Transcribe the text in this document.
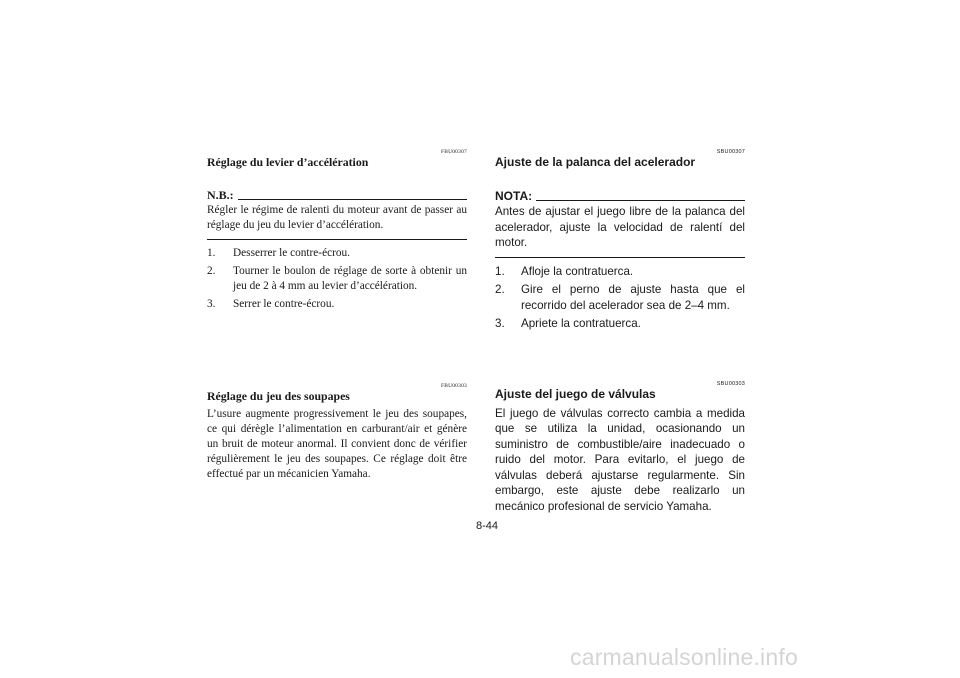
FBU00307
Réglage du levier d’accélération
N.B.:
Régler le régime de ralenti du moteur avant de passer au réglage du jeu du levier d’accélération.
1.	Desserrer le contre-écrou.
2.	Tourner le boulon de réglage de sorte à obtenir un jeu de 2 à 4 mm au levier d’accélération.
3.	Serrer le contre-écrou.
FBU00303
Réglage du jeu des soupapes

L’usure augmente progressivement le jeu des soupapes, ce qui dérègle l’alimentation en carburant/air et génère un bruit de moteur anormal. Il convient donc de vérifier régulièrement le jeu des soupapes. Ce réglage doit être effectué par un mécanicien Yamaha.

SBU00307
Ajuste de la palanca del acelerador
NOTA:
Antes de ajustar el juego libre de la palanca del acelerador, ajuste la velocidad de ralentí del motor.
1.	Afloje la contratuerca.
2.	Gire el perno de ajuste hasta que el recorrido del acelerador sea de 2–4 mm.
3.	Apriete la contratuerca.
SBU00303
Ajuste del juego de válvulas

El juego de válvulas correcto cambia a medida que se utiliza la unidad, ocasionando un suministro de combustible/aire inadecuado o ruido del motor. Para evitarlo, el juego de válvulas deberá ajustarse regularmente. Sin embargo, este ajuste debe realizarlo un mecánico profesional de servicio Yamaha.

8-44
carmanualsonline.info
